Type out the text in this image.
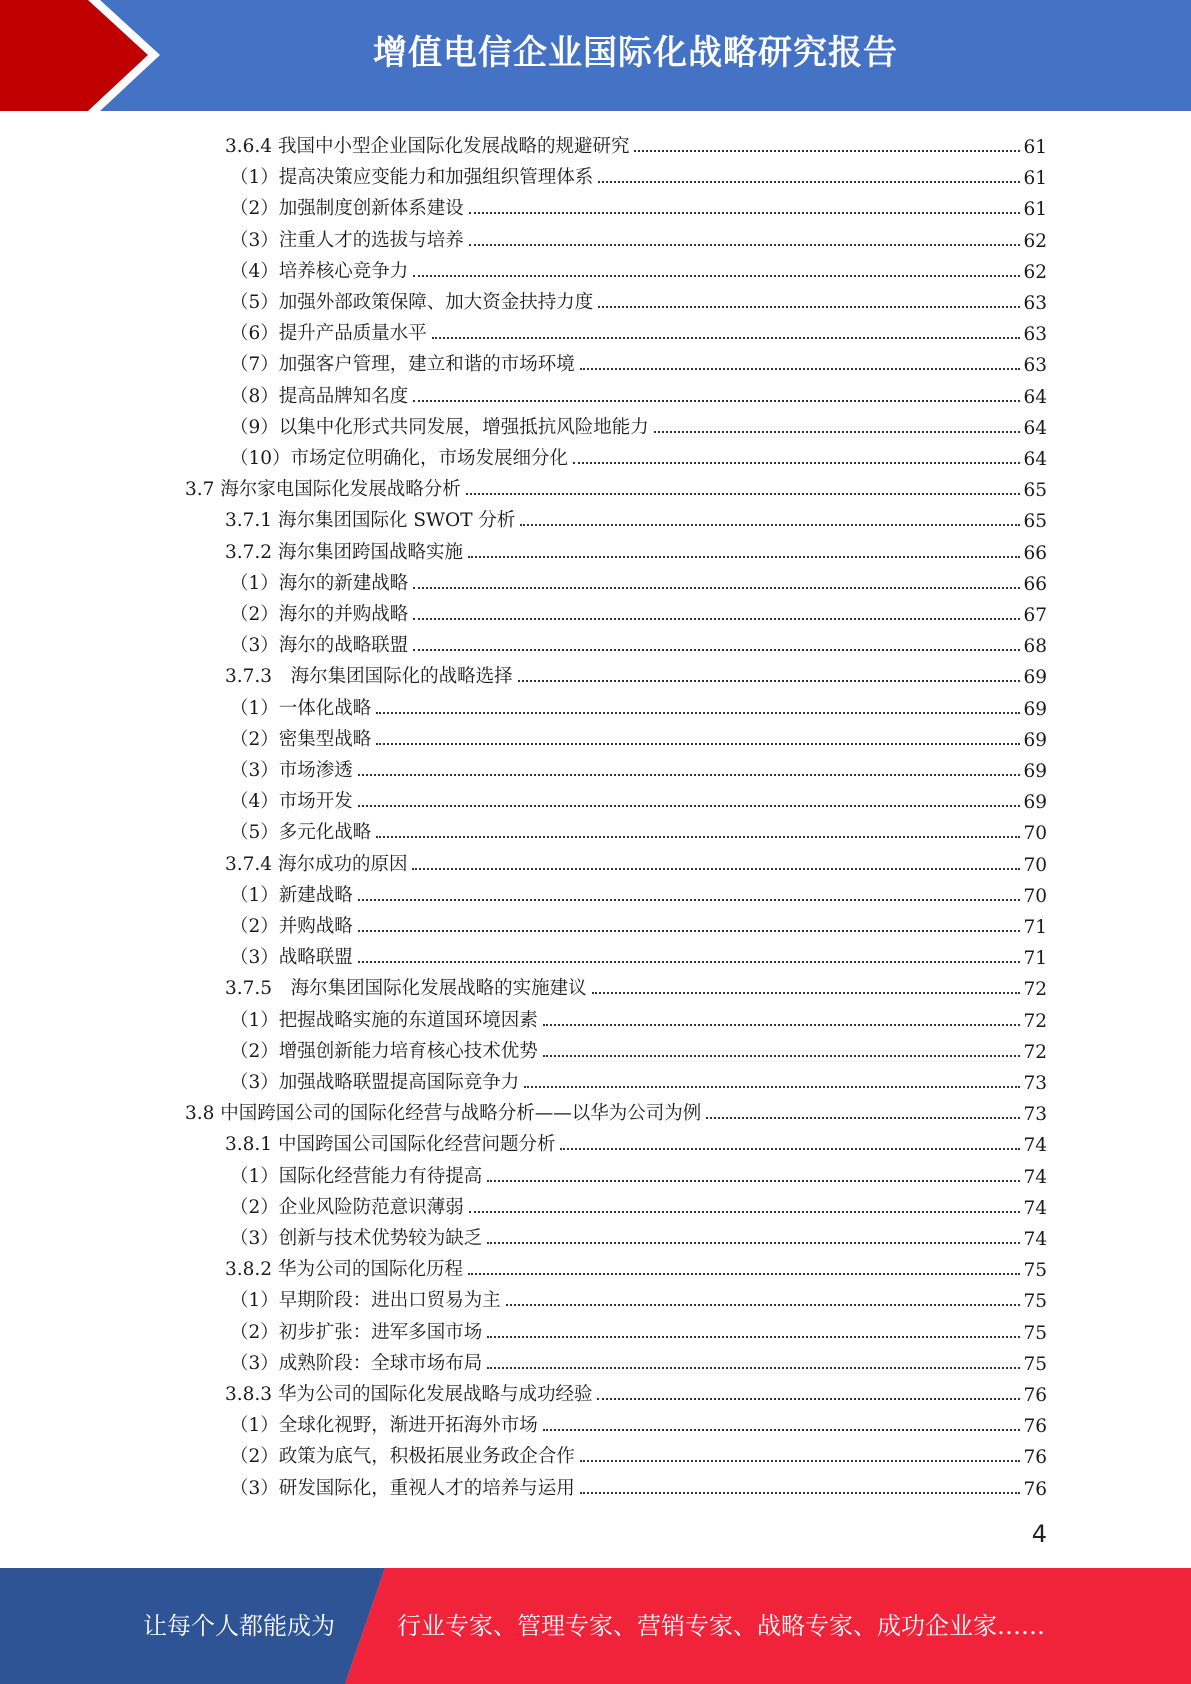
增值电信企业国际化战略研究报告
3.6.4 我国中小型企业国际化发展战略的规避研究	61
（1）提高决策应变能力和加强组织管理体系	61
（2）加强制度创新体系建设	61
（3）注重人才的选拔与培养	62
（4）培养核心竞争力	62
（5）加强外部政策保障、加大资金扶持力度	63
（6）提升产品质量水平	63
（7）加强客户管理，建立和谐的市场环境	63
（8）提高品牌知名度	64
（9）以集中化形式共同发展，增强抵抗风险地能力	64
（10）市场定位明确化，市场发展细分化	64
3.7 海尔家电国际化发展战略分析	65
3.7.1 海尔集团国际化 SWOT 分析	65
3.7.2 海尔集团跨国战略实施	66
（1）海尔的新建战略	66
（2）海尔的并购战略	67
（3）海尔的战略联盟	68
3.7.3　海尔集团国际化的战略选择	69
（1）一体化战略	69
（2）密集型战略	69
（3）市场渗透	69
（4）市场开发	69
（5）多元化战略	70
3.7.4 海尔成功的原因	70
（1）新建战略	70
（2）并购战略	71
（3）战略联盟	71
3.7.5　海尔集团国际化发展战略的实施建议	72
（1）把握战略实施的东道国环境因素	72
（2）增强创新能力培育核心技术优势	72
（3）加强战略联盟提高国际竞争力	73
3.8 中国跨国公司的国际化经营与战略分析——以华为公司为例	73
3.8.1 中国跨国公司国际化经营问题分析	74
（1）国际化经营能力有待提高	74
（2）企业风险防范意识薄弱	74
（3）创新与技术优势较为缺乏	74
3.8.2 华为公司的国际化历程	75
（1）早期阶段：进出口贸易为主	75
（2）初步扩张：进军多国市场	75
（3）成熟阶段：全球市场布局	75
3.8.3 华为公司的国际化发展战略与成功经验	76
（1）全球化视野，渐进开拓海外市场	76
（2）政策为底气，积极拓展业务政企合作	76
（3）研发国际化，重视人才的培养与运用	76
4
让每个人都能成为	行业专家、管理专家、营销专家、战略专家、成功企业家……
